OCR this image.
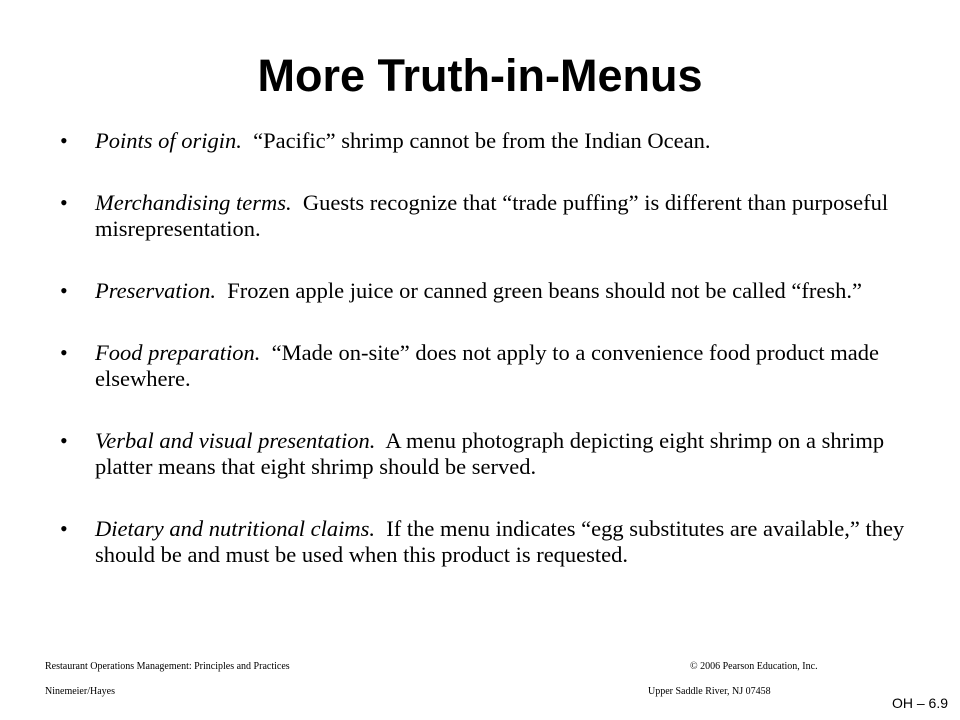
More Truth-in-Menus
• Points of origin. “Pacific” shrimp cannot be from the Indian Ocean.
• Merchandising terms. Guests recognize that “trade puffing” is different than purposeful misrepresentation.
• Preservation. Frozen apple juice or canned green beans should not be called “fresh.”
• Food preparation. “Made on-site” does not apply to a convenience food product made elsewhere.
• Verbal and visual presentation. A menu photograph depicting eight shrimp on a shrimp platter means that eight shrimp should be served.
• Dietary and nutritional claims. If the menu indicates “egg substitutes are available,” they should be and must be used when this product is requested.
Restaurant Operations Management: Principles and Practices
Ninemeier/Hayes
© 2006 Pearson Education, Inc.
Upper Saddle River, NJ 07458
OH – 6.9
